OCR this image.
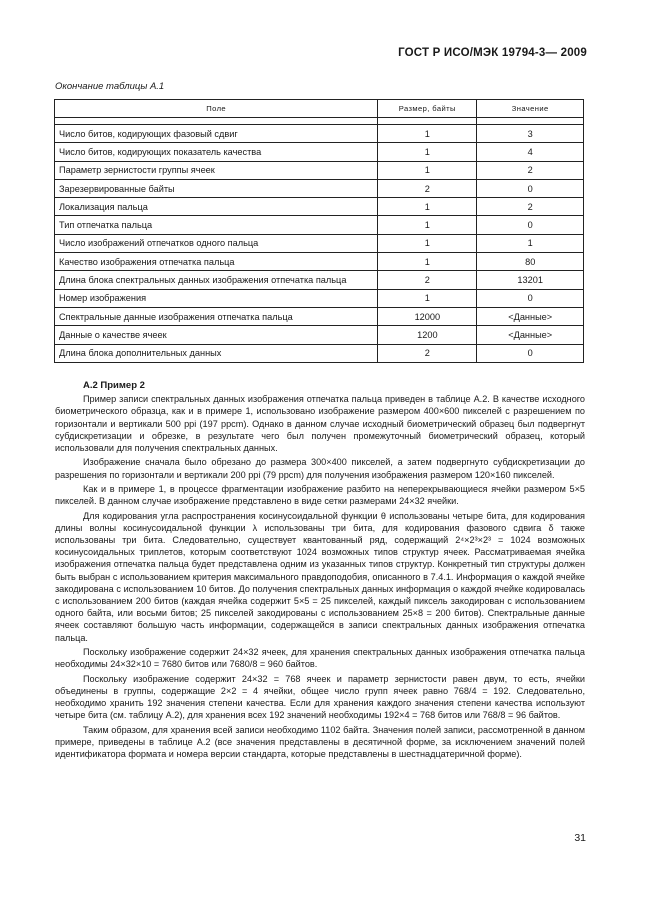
ГОСТ Р ИСО/МЭК 19794-3— 2009
Окончание таблицы А.1
Поле	Размер, байты	Значение

Число битов, кодирующих фазовый сдвиг	1	3
Число битов, кодирующих показатель качества	1	4
Параметр зернистости группы ячеек	1	2
Зарезервированные байты	2	0
Локализация пальца	1	2
Тип отпечатка пальца	1	0
Число изображений отпечатков одного пальца	1	1
Качество изображения отпечатка пальца	1	80
Длина блока спектральных данных изображения отпечатка пальца	2	13201
Номер изображения	1	0
Спектральные данные изображения отпечатка пальца	12000	<Данные>
Данные о качестве ячеек	1200	<Данные>
Длина блока дополнительных данных	2	0
А.2 Пример 2

Пример записи спектральных данных изображения отпечатка пальца приведен в таблице А.2. В качестве исходного биометрического образца, как и в примере 1, использовано изображение размером 400×600 пикселей с разрешением по горизонтали и вертикали 500 ppi (197 ppcm). Однако в данном случае исходный биометрический образец был подвергнут субдискретизации и обрезке, в результате чего был получен промежуточный биометрический образец, который использовали для получения спектральных данных.

Изображение сначала было обрезано до размера 300×400 пикселей, а затем подвергнуто субдискретизации до разрешения по горизонтали и вертикали 200 ppi (79 ppcm) для получения изображения размером 120×160 пикселей.

Как и в примере 1, в процессе фрагментации изображение разбито на неперекрывающиеся ячейки размером 5×5 пикселей. В данном случае изображение представлено в виде сетки размерами 24×32 ячейки.

Для кодирования угла распространения косинусоидальной функции θ использованы четыре бита, для кодирования длины волны косинусоидальной функции λ использованы три бита, для кодирования фазового сдвига δ также использованы три бита. Следовательно, существует квантованный ряд, содержащий 2⁴×2³×2³ = 1024 возможных косинусоидальных триплетов, которым соответствуют 1024 возможных типов структур ячеек. Рассматриваемая ячейка изображения отпечатка пальца будет представлена одним из указанных типов структур. Конкретный тип структуры должен быть выбран с использованием критерия максимального правдоподобия, описанного в 7.4.1. Информация о каждой ячейке закодирована с использованием 10 битов. До получения спектральных данных информация о каждой ячейке кодировалась с использованием 200 битов (каждая ячейка содержит 5×5 = 25 пикселей, каждый пиксель закодирован с использованием одного байта, или восьми битов; 25 пикселей закодированы с использованием 25×8 = 200 битов). Спектральные данные ячеек составляют большую часть информации, содержащейся в записи спектральных данных изображения отпечатка пальца.

Поскольку изображение содержит 24×32 ячеек, для хранения спектральных данных изображения отпечатка пальца необходимы 24×32×10 = 7680 битов или 7680/8 = 960 байтов.

Поскольку изображение содержит 24×32 = 768 ячеек и параметр зернистости равен двум, то есть, ячейки объединены в группы, содержащие 2×2 = 4 ячейки, общее число групп ячеек равно 768/4 = 192. Следовательно, необходимо хранить 192 значения степени качества. Если для хранения каждого значения степени качества используют четыре бита (см. таблицу А.2), для хранения всех 192 значений необходимы 192×4 = 768 битов или 768/8 = 96 байтов.

Таким образом, для хранения всей записи необходимо 1102 байта. Значения полей записи, рассмотренной в данном примере, приведены в таблице А.2 (все значения представлены в десятичной форме, за исключением значений полей идентификатора формата и номера версии стандарта, которые представлены в шестнадцатеричной форме).

31
